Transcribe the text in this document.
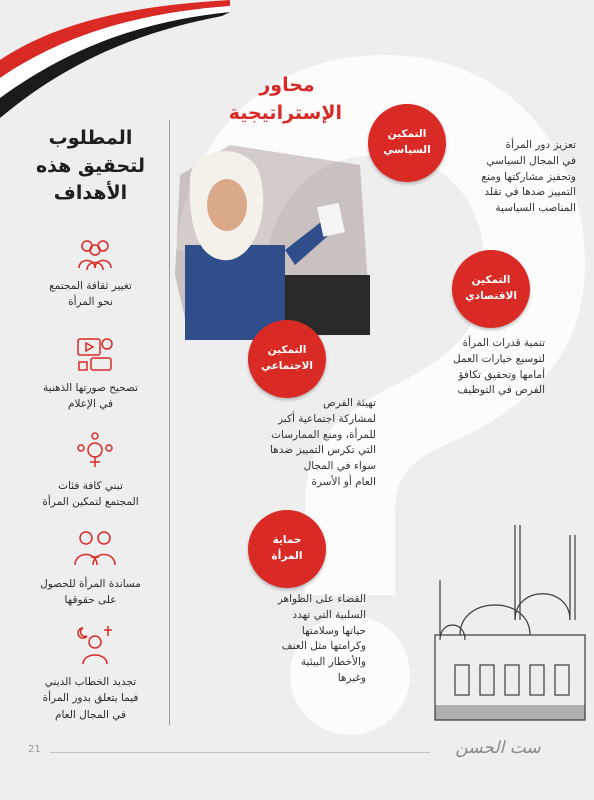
محاور
الإستراتيجية
التمكين
السياسي
التمكين
الاقتصادي
التمكين
الاجتماعي
حماية
المرأة
تعزيز دور المرأة
في المجال السياسي
وتحفيز مشاركتها ومنع
التمييز ضدها في تقلد
المناصب السياسية
تنمية قدرات المرأة
لتوسيع خيارات العمل
أمامها وتحقيق تكافؤ
الفرص في التوظيف
تهيئة الفرص
لمشاركة اجتماعية أكبر
للمرأة، ومنع الممارسات
التي تكرس التمييز ضدها
سواء في المجال
العام أو الأسرة
القضاء على الظواهر
السلبية التي تهدد
حياتها وسلامتها
وكرامتها مثل العنف
والأخطار البيئية
وغيرها
المطلوب
لتحقيق هذه
الأهداف
تغيير ثقافة المجتمع
نحو المرأة
تصحيح صورتها الذهنية
في الإعلام
تبني كافة فئات
المجتمع لتمكين المرأة
مساندة المرأة للحصول
على حقوقها
تجديد الخطاب الديني
فيما يتعلق بدور المرأة
في المجال العام
21	ست الحسن
